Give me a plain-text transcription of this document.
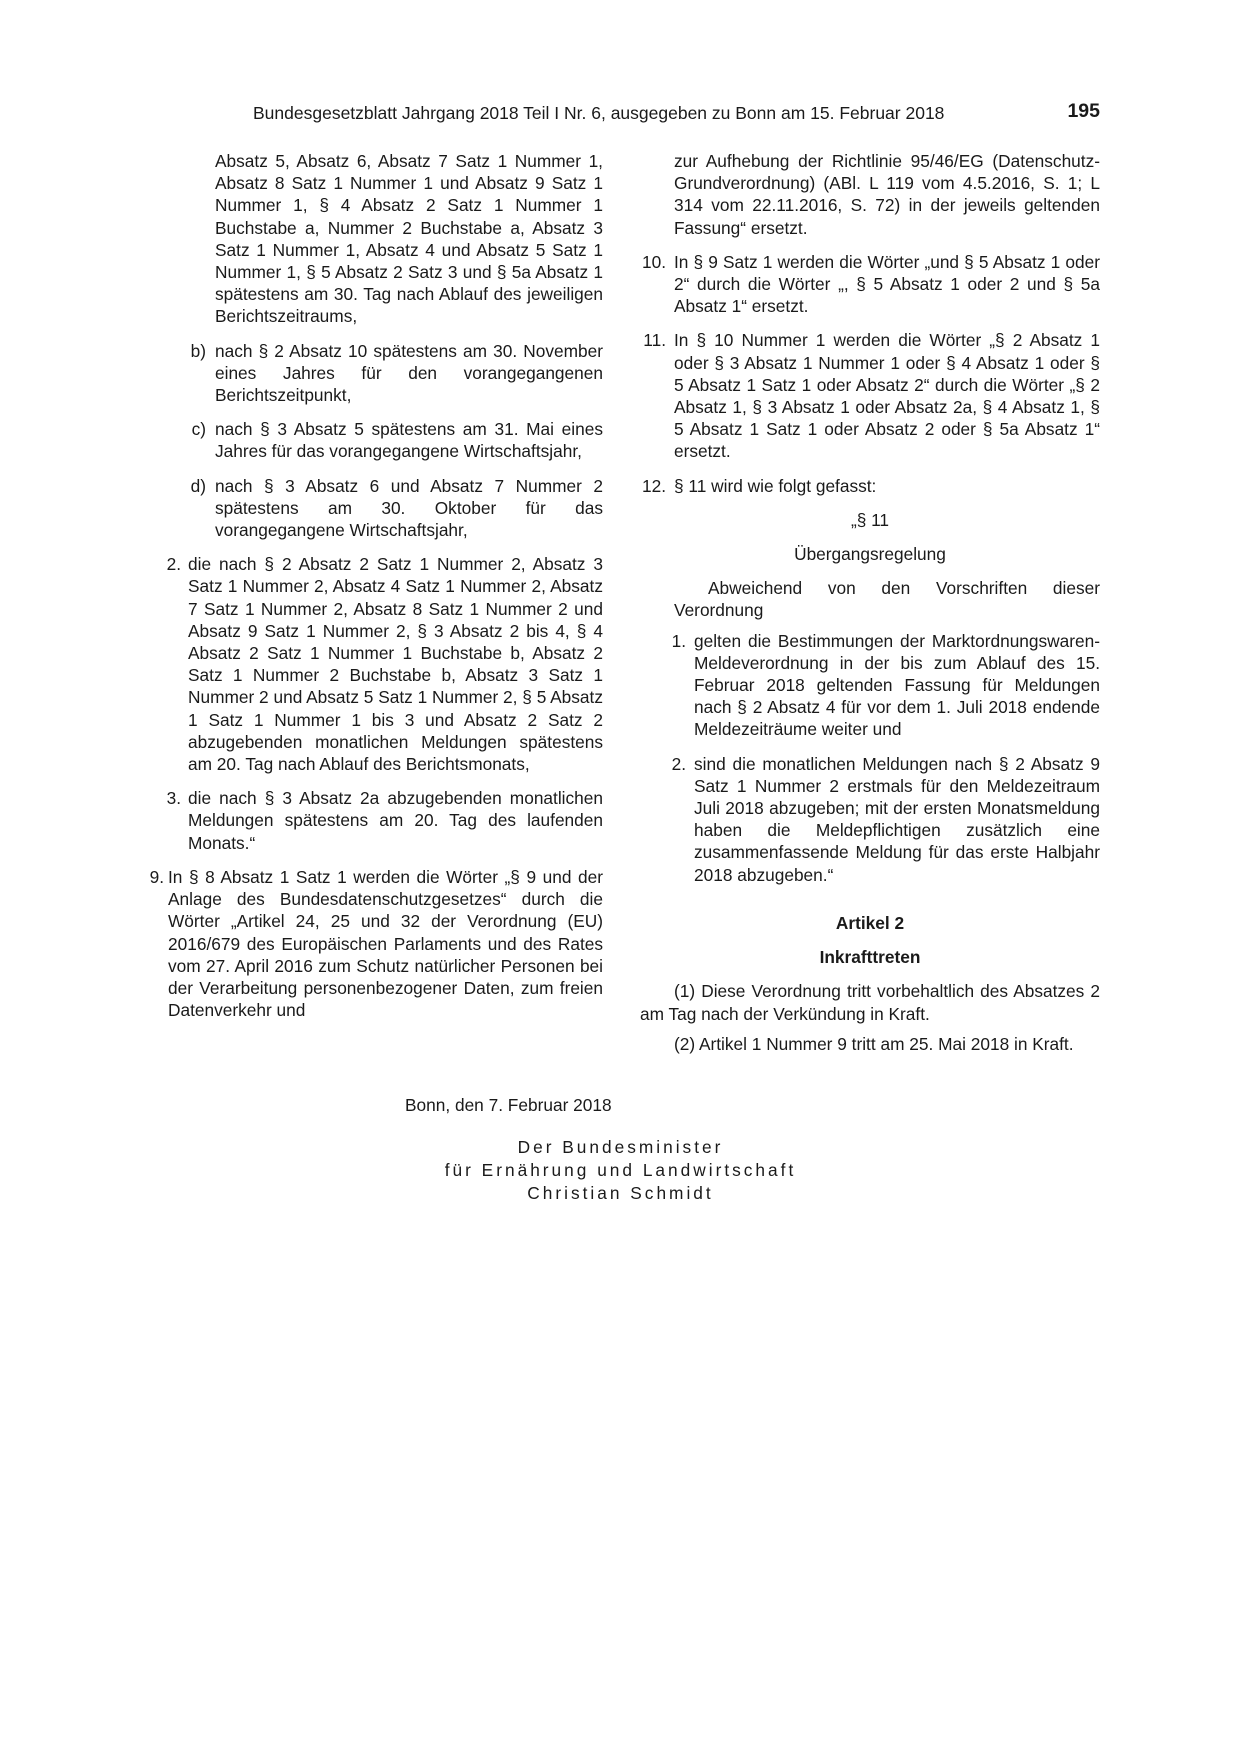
Bundesgesetzblatt Jahrgang 2018 Teil I Nr. 6, ausgegeben zu Bonn am 15. Februar 2018	195
Absatz 5, Absatz 6, Absatz 7 Satz 1 Nummer 1, Absatz 8 Satz 1 Nummer 1 und Absatz 9 Satz 1 Nummer 1, § 4 Absatz 2 Satz 1 Nummer 1 Buchstabe a, Nummer 2 Buchstabe a, Absatz 3 Satz 1 Nummer 1, Absatz 4 und Absatz 5 Satz 1 Nummer 1, § 5 Absatz 2 Satz 3 und § 5a Absatz 1 spätestens am 30. Tag nach Ablauf des jeweiligen Berichtszeitraums,
b) nach § 2 Absatz 10 spätestens am 30. November eines Jahres für den vorangegangenen Berichtszeitpunkt,
c) nach § 3 Absatz 5 spätestens am 31. Mai eines Jahres für das vorangegangene Wirtschaftsjahr,
d) nach § 3 Absatz 6 und Absatz 7 Nummer 2 spätestens am 30. Oktober für das vorangegangene Wirtschaftsjahr,
2. die nach § 2 Absatz 2 Satz 1 Nummer 2, Absatz 3 Satz 1 Nummer 2, Absatz 4 Satz 1 Nummer 2, Absatz 7 Satz 1 Nummer 2, Absatz 8 Satz 1 Nummer 2 und Absatz 9 Satz 1 Nummer 2, § 3 Absatz 2 bis 4, § 4 Absatz 2 Satz 1 Nummer 1 Buchstabe b, Absatz 2 Satz 1 Nummer 2 Buchstabe b, Absatz 3 Satz 1 Nummer 2 und Absatz 5 Satz 1 Nummer 2, § 5 Absatz 1 Satz 1 Nummer 1 bis 3 und Absatz 2 Satz 2 abzugebenden monatlichen Meldungen spätestens am 20. Tag nach Ablauf des Berichtsmonats,
3. die nach § 3 Absatz 2a abzugebenden monatlichen Meldungen spätestens am 20. Tag des laufenden Monats.“
9. In § 8 Absatz 1 Satz 1 werden die Wörter „§ 9 und der Anlage des Bundesdatenschutzgesetzes“ durch die Wörter „Artikel 24, 25 und 32 der Verordnung (EU) 2016/679 des Europäischen Parlaments und des Rates vom 27. April 2016 zum Schutz natürlicher Personen bei der Verarbeitung personenbezogener Daten, zum freien Datenverkehr und
zur Aufhebung der Richtlinie 95/46/EG (Datenschutz-Grundverordnung) (ABl. L 119 vom 4.5.2016, S. 1; L 314 vom 22.11.2016, S. 72) in der jeweils geltenden Fassung“ ersetzt.
10. In § 9 Satz 1 werden die Wörter „und § 5 Absatz 1 oder 2“ durch die Wörter „, § 5 Absatz 1 oder 2 und § 5a Absatz 1“ ersetzt.
11. In § 10 Nummer 1 werden die Wörter „§ 2 Absatz 1 oder § 3 Absatz 1 Nummer 1 oder § 4 Absatz 1 oder § 5 Absatz 1 Satz 1 oder Absatz 2“ durch die Wörter „§ 2 Absatz 1, § 3 Absatz 1 oder Absatz 2a, § 4 Absatz 1, § 5 Absatz 1 Satz 1 oder Absatz 2 oder § 5a Absatz 1“ ersetzt.
12. § 11 wird wie folgt gefasst:
„§ 11
Übergangsregelung
Abweichend von den Vorschriften dieser Verordnung
1. gelten die Bestimmungen der Marktordnungswaren-Meldeverordnung in der bis zum Ablauf des 15. Februar 2018 geltenden Fassung für Meldungen nach § 2 Absatz 4 für vor dem 1. Juli 2018 endende Meldezeiträume weiter und
2. sind die monatlichen Meldungen nach § 2 Absatz 9 Satz 1 Nummer 2 erstmals für den Meldezeitraum Juli 2018 abzugeben; mit der ersten Monatsmeldung haben die Meldepflichtigen zusätzlich eine zusammenfassende Meldung für das erste Halbjahr 2018 abzugeben.“
Artikel 2
Inkrafttreten
(1) Diese Verordnung tritt vorbehaltlich des Absatzes 2 am Tag nach der Verkündung in Kraft.
(2) Artikel 1 Nummer 9 tritt am 25. Mai 2018 in Kraft.
Bonn, den 7. Februar 2018
Der Bundesminister
für Ernährung und Landwirtschaft
Christian Schmidt
